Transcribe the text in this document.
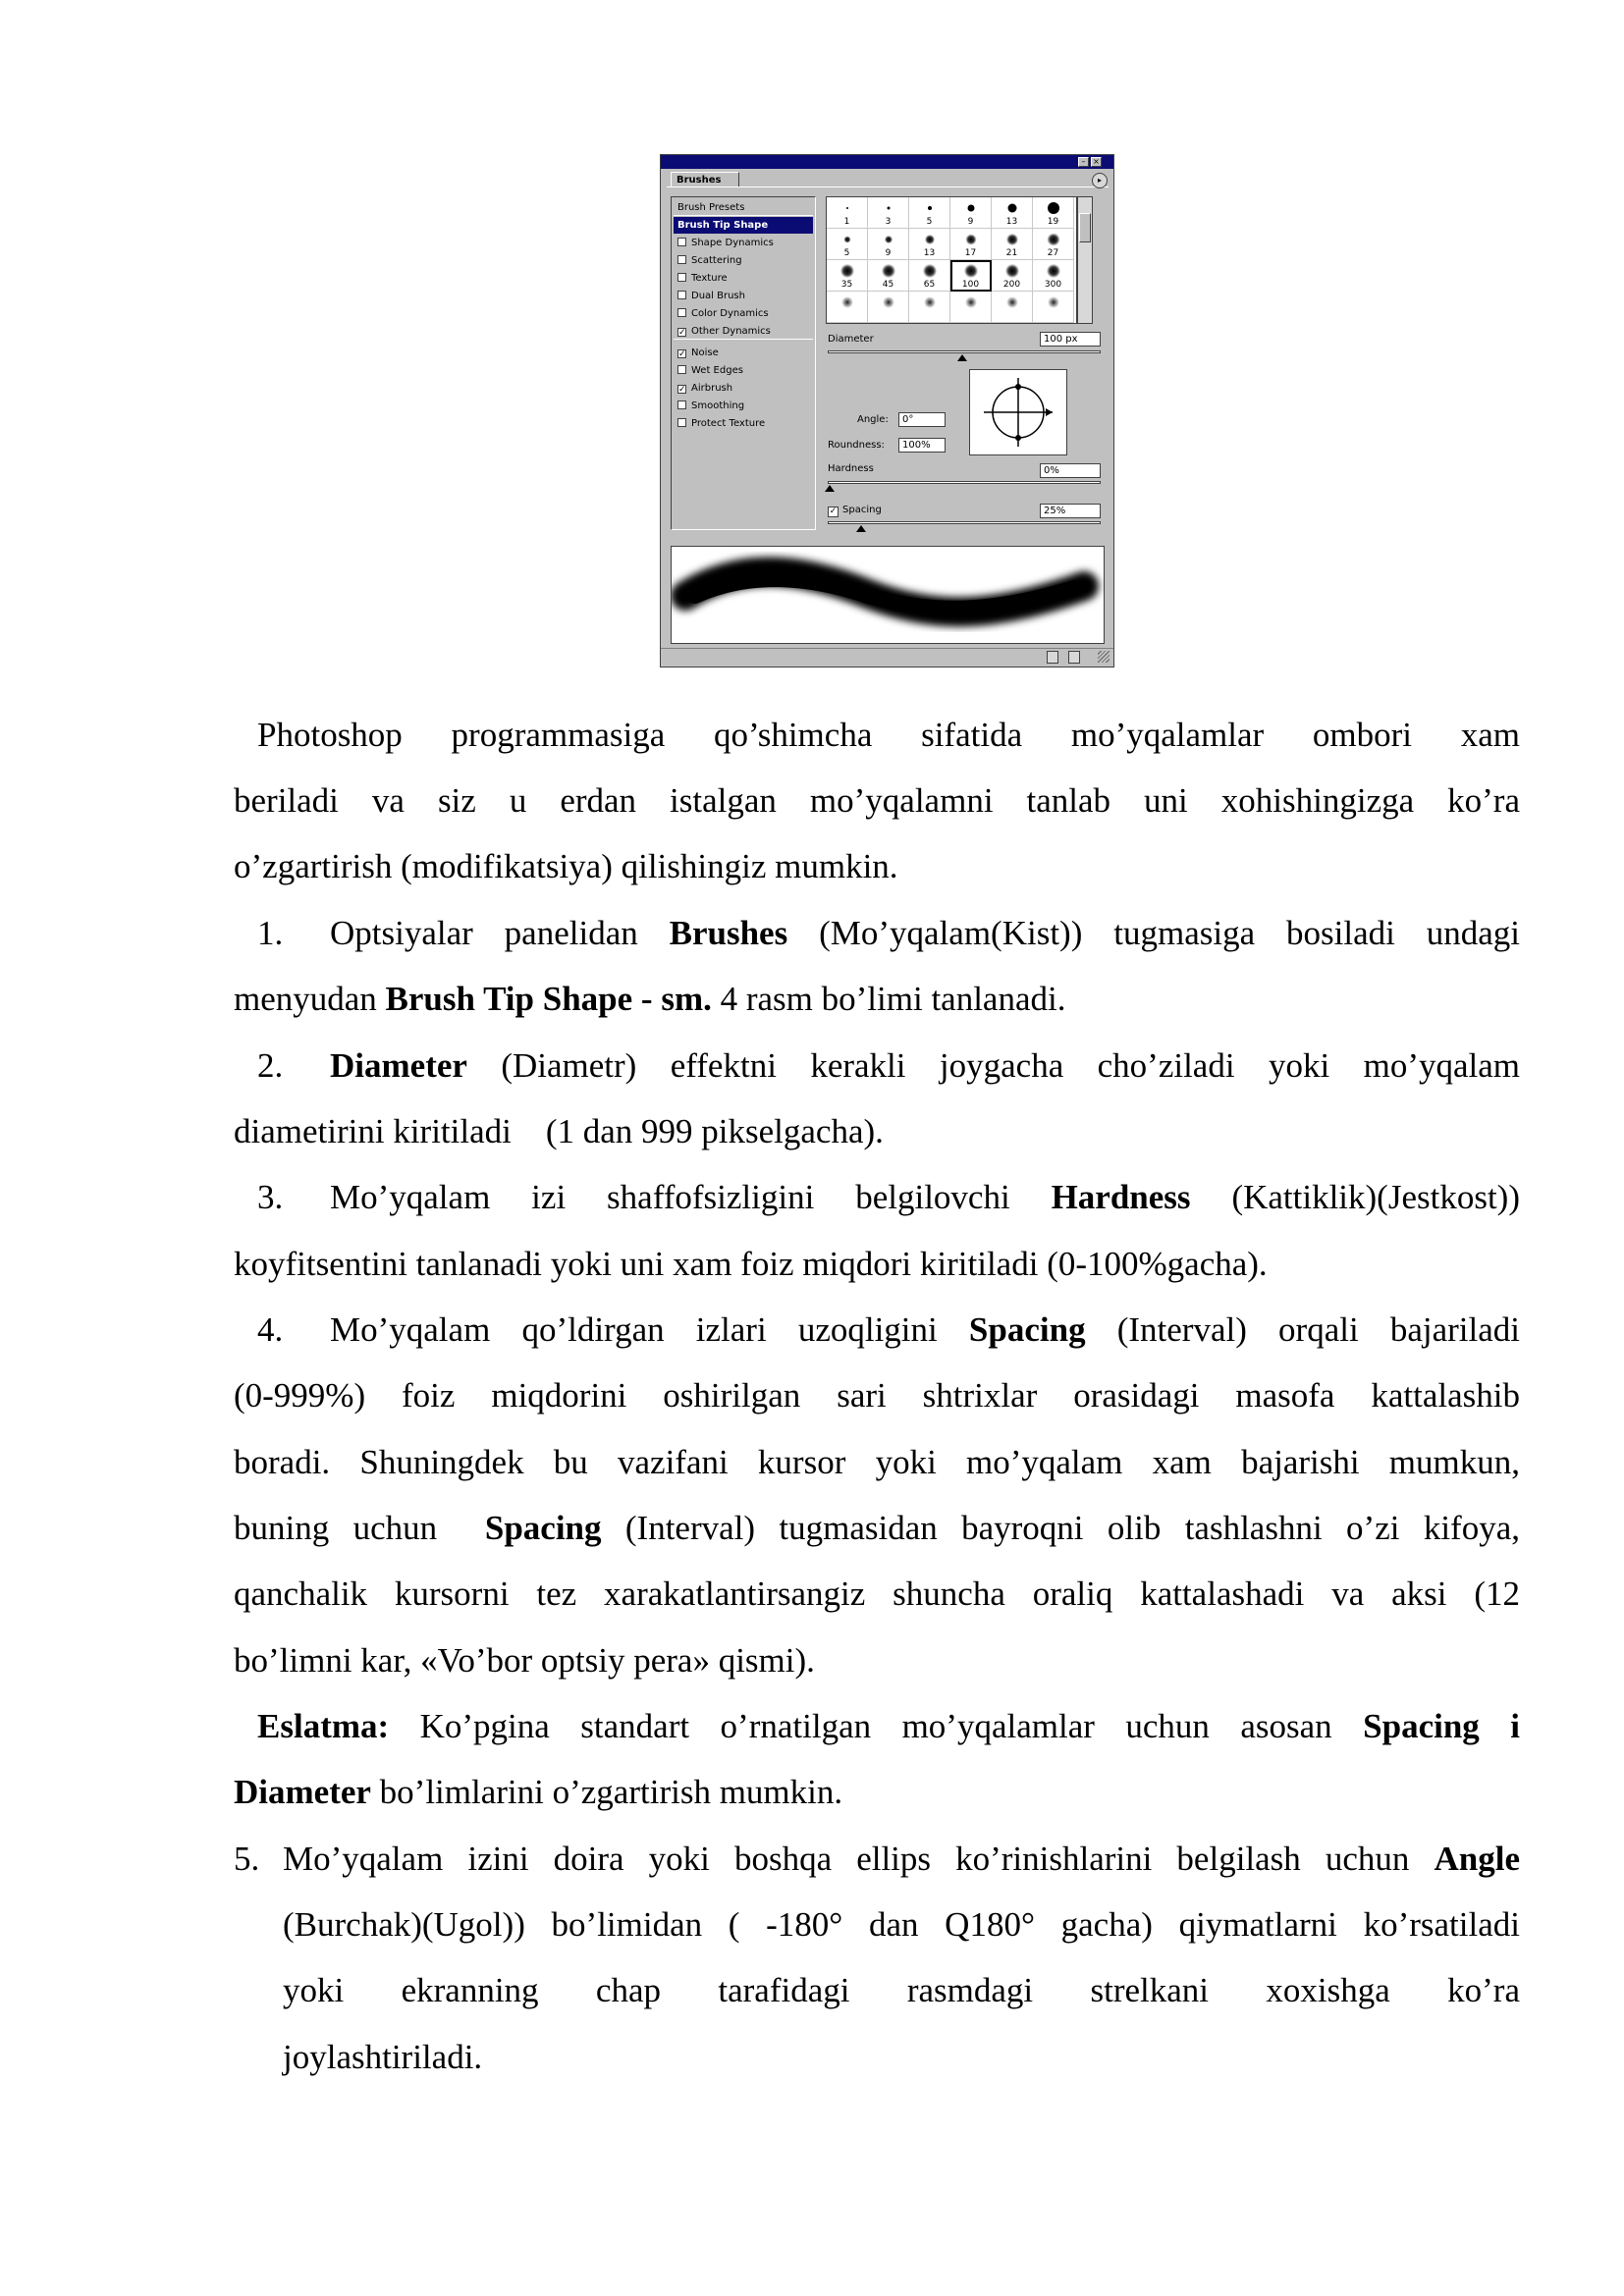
– ×
Brushes	▸
Brush Presets
Brush Tip Shape
Shape Dynamics
Scattering
Texture
Dual Brush
Color Dynamics
✓ Other Dynamics
✓ Noise
Wet Edges
✓ Airbrush
Smoothing
Protect Texture
1	3	5	9	13	19
5	9	13	17	21	27
35	45	65	100	200	300
Diameter	100 px
Angle:	0°
Roundness:	100%
Hardness	0%
✓ Spacing	25%
Photoshop programmasiga qo’shimcha sifatida mo’yqalamlar ombori xam
beriladi va siz u erdan istalgan mo’yqalamni tanlab uni xohishingizga ko’ra
o’zgartirish (modifikatsiya) qilishingiz mumkin.
1. Optsiyalar panelidan Brushes (Mo’yqalam(Kist)) tugmasiga bosiladi undagi
menyudan Brush Tip Shape - sm. 4 rasm bo’limi tanlanadi.
2. Diameter (Diametr) effektni kerakli joygacha cho’ziladi yoki mo’yqalam
diametirini kiritiladi    (1 dan 999 pikselgacha).
3. Mo’yqalam izi shaffofsizligini belgilovchi Hardness (Kattiklik)(Jestkost))
koyfitsentini tanlanadi yoki uni xam foiz miqdori kiritiladi (0-100%gacha).
4. Mo’yqalam qo’ldirgan izlari uzoqligini Spacing (Interval) orqali bajariladi
(0-999%) foiz miqdorini oshirilgan sari shtrixlar orasidagi masofa kattalashib
boradi. Shuningdek bu vazifani kursor yoki mo’yqalam xam bajarishi mumkun,
buning uchun  Spacing (Interval) tugmasidan bayroqni olib tashlashni o’zi kifoya,
qanchalik kursorni tez xarakatlantirsangiz shuncha oraliq kattalashadi va aksi (12
bo’limni kar, «Vo’bor optsiy pera» qismi).
Eslatma: Ko’pgina standart o’rnatilgan mo’yqalamlar uchun asosan Spacing i
Diameter bo’limlarini o’zgartirish mumkin.
5. Mo’yqalam izini doira yoki boshqa ellips ko’rinishlarini belgilash uchun Angle
(Burchak)(Ugol)) bo’limidan ( -180° dan Q180° gacha) qiymatlarni ko’rsatiladi
yoki ekranning chap tarafidagi rasmdagi strelkani xoxishga ko’ra
joylashtiriladi.
